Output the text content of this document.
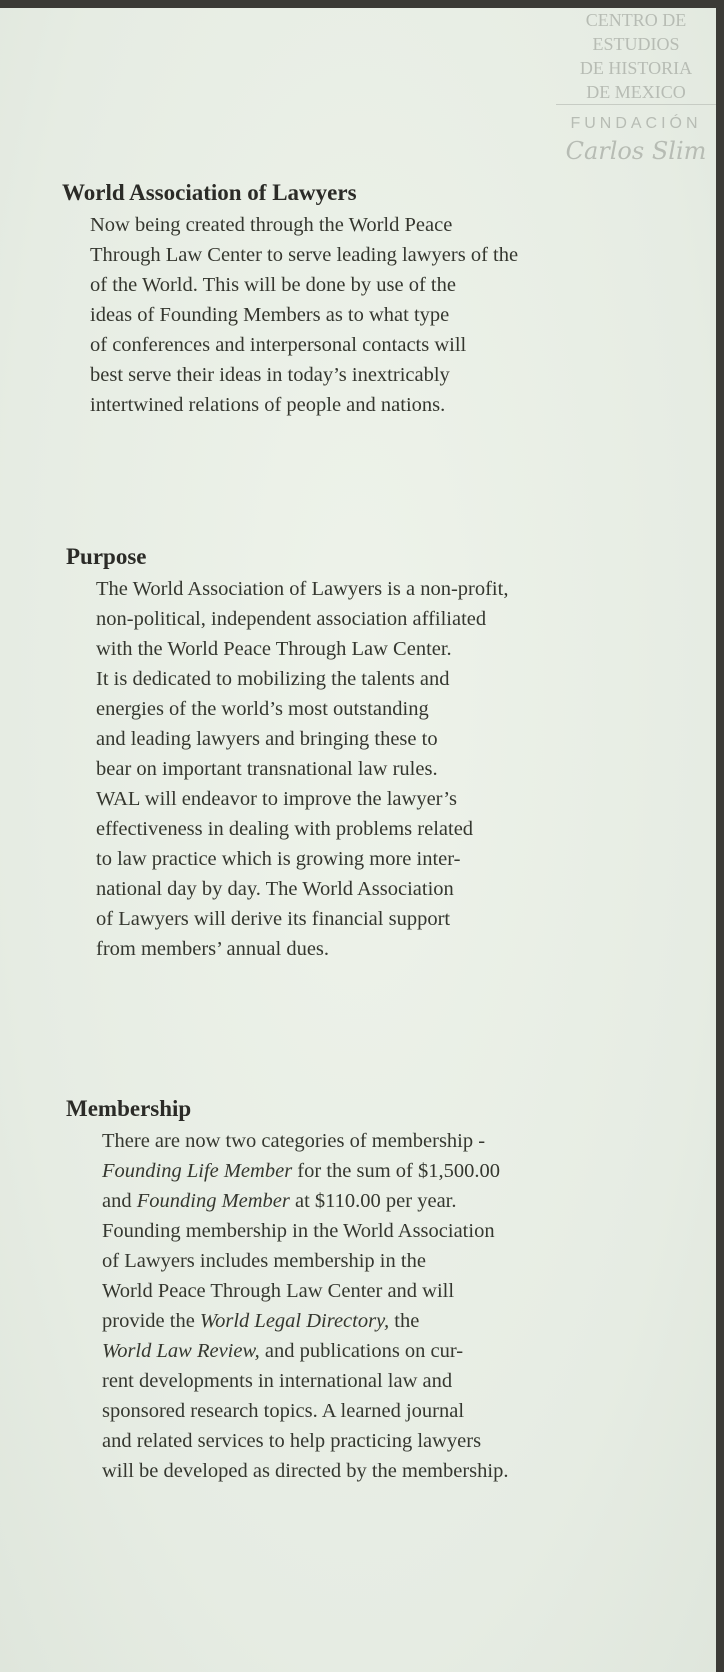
CENTRO DE
ESTUDIOS
DE HISTORIA
DE MEXICO
FUNDACIÓN
Carlos Slim
World Association of Lawyers

Now being created through the World Peace
Through Law Center to serve leading lawyers of the
of the World. This will be done by use of the
ideas of Founding Members as to what type
of conferences and interpersonal contacts will
best serve their ideas in today’s inextricably
intertwined relations of people and nations.

Purpose

The World Association of Lawyers is a non-profit,
non-political, independent association affiliated
with the World Peace Through Law Center.
It is dedicated to mobilizing the talents and
energies of the world’s most outstanding
and leading lawyers and bringing these to
bear on important transnational law rules.
WAL will endeavor to improve the lawyer’s
effectiveness in dealing with problems related
to law practice which is growing more inter-
national day by day. The World Association
of Lawyers will derive its financial support
from members’ annual dues.

Membership

There are now two categories of membership -
Founding Life Member for the sum of $1,500.00
and Founding Member at $110.00 per year.
Founding membership in the World Association
of Lawyers includes membership in the
World Peace Through Law Center and will
provide the World Legal Directory, the
World Law Review, and publications on cur-
rent developments in international law and
sponsored research topics. A learned journal
and related services to help practicing lawyers
will be developed as directed by the membership.
